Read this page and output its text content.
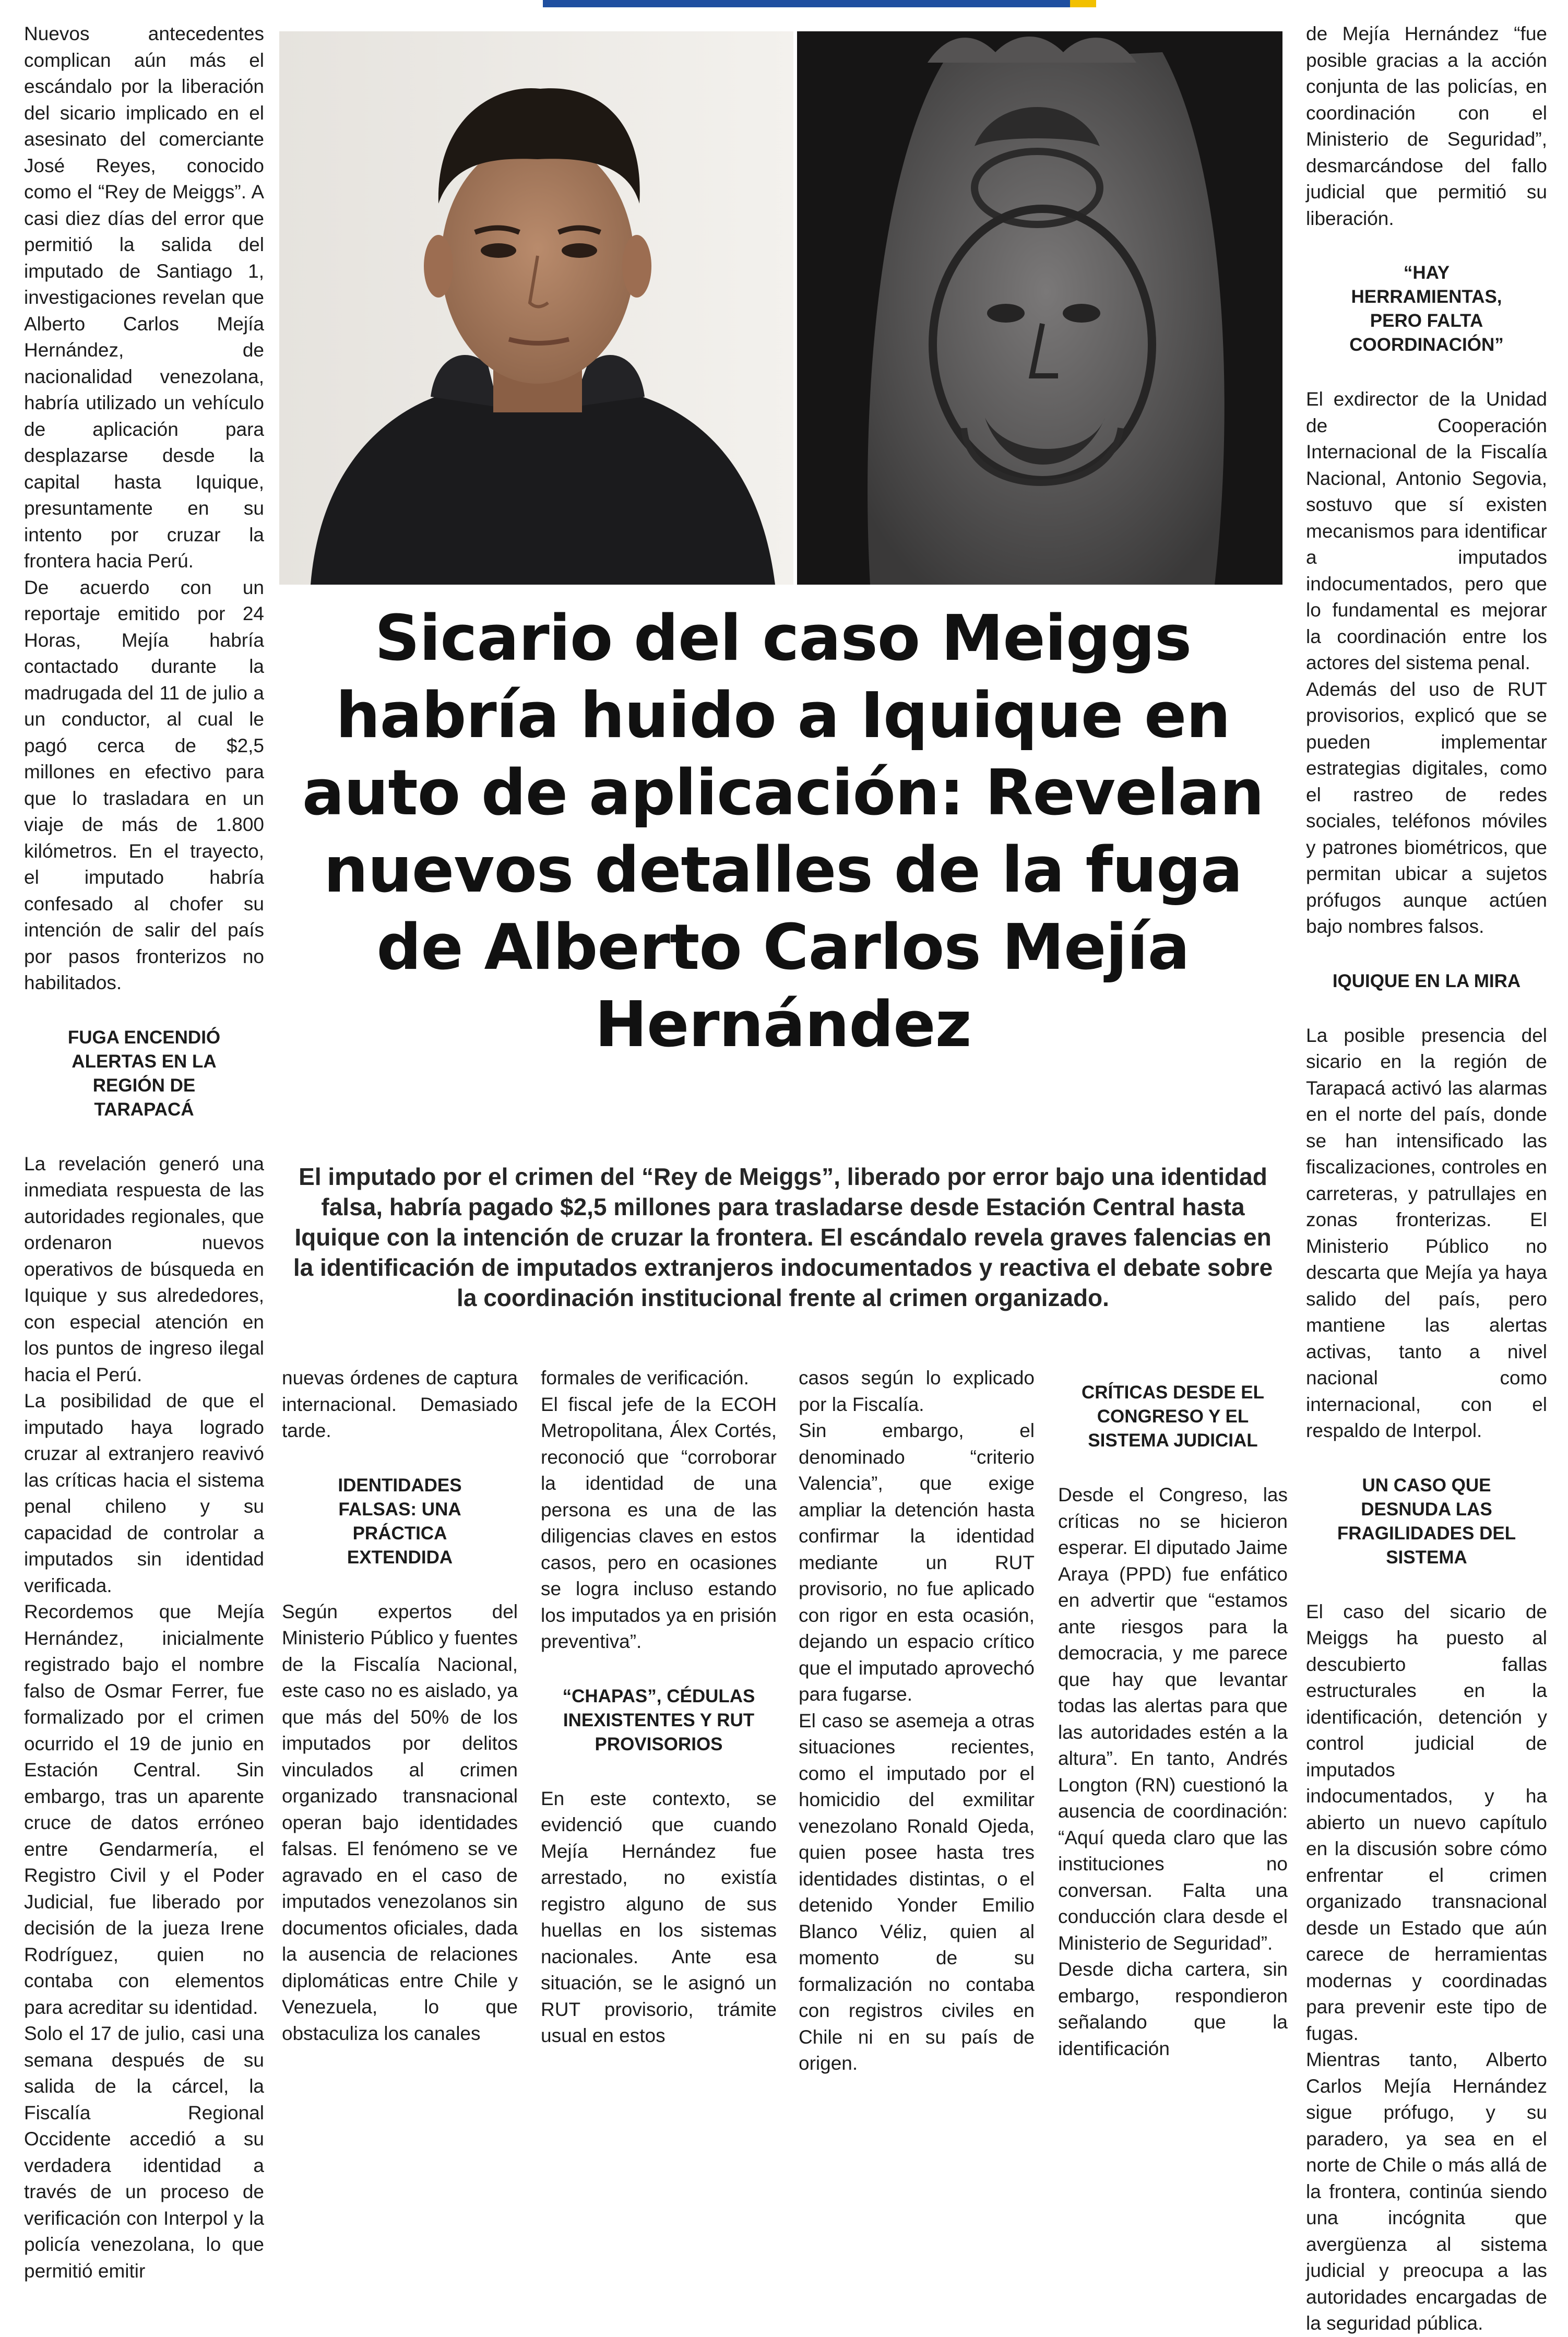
Nuevos antecedentes complican aún más el escándalo por la liberación del sicario implicado en el asesinato del comerciante José Reyes, conocido como el “Rey de Meiggs”. A casi diez días del error que permitió la salida del imputado de Santiago 1, investigaciones revelan que Alberto Carlos Mejía Hernández, de nacionalidad venezolana, habría utilizado un vehículo de aplicación para desplazarse desde la capital hasta Iquique, presuntamente en su intento por cruzar la frontera hacia Perú.

De acuerdo con un reportaje emitido por 24 Horas, Mejía habría contactado durante la madrugada del 11 de julio a un conductor, al cual le pagó cerca de $2,5 millones en efectivo para que lo trasladara en un viaje de más de 1.800 kilómetros. En el trayecto, el imputado habría confesado al chofer su intención de salir del país por pasos fronterizos no habilitados.

FUGA ENCENDIÓ ALERTAS EN LA REGIÓN DE TARAPACÁ

La revelación generó una inmediata respuesta de las autoridades regionales, que ordenaron nuevos operativos de búsqueda en Iquique y sus alrededores, con especial atención en los puntos de ingreso ilegal hacia el Perú.

La posibilidad de que el imputado haya logrado cruzar al extranjero reavivó las críticas hacia el sistema penal chileno y su capacidad de controlar a imputados sin identidad verificada.

Recordemos que Mejía Hernández, inicialmente registrado bajo el nombre falso de Osmar Ferrer, fue formalizado por el crimen ocurrido el 19 de junio en Estación Central. Sin embargo, tras un aparente cruce de datos erróneo entre Gendarmería, el Registro Civil y el Poder Judicial, fue liberado por decisión de la jueza Irene Rodríguez, quien no contaba con elementos para acreditar su identidad.

Solo el 17 de julio, casi una semana después de su salida de la cárcel, la Fiscalía Regional Occidente accedió a su verdadera identidad a través de un proceso de verificación con Interpol y la policía venezolana, lo que permitió emitir

Sicario del caso Meiggs habría huido a Iquique en auto de aplicación: Revelan nuevos detalles de la fuga de Alberto Carlos Mejía Hernández
El imputado por el crimen del “Rey de Meiggs”, liberado por error bajo una identidad falsa, habría pagado $2,5 millones para trasladarse desde Estación Central hasta Iquique con la intención de cruzar la frontera. El escándalo revela graves falencias en la identificación de imputados extranjeros indocumentados y reactiva el debate sobre la coordinación institucional frente al crimen organizado.

nuevas órdenes de captura internacional. Demasiado tarde.

IDENTIDADES FALSAS: UNA PRÁCTICA EXTENDIDA

Según expertos del Ministerio Público y fuentes de la Fiscalía Nacional, este caso no es aislado, ya que más del 50% de los imputados por delitos vinculados al crimen organizado transnacional operan bajo identidades falsas. El fenómeno se ve agravado en el caso de imputados venezolanos sin documentos oficiales, dada la ausencia de relaciones diplomáticas entre Chile y Venezuela, lo que obstaculiza los canales

formales de verificación.

El fiscal jefe de la ECOH Metropolitana, Álex Cortés, reconoció que “corroborar la identidad de una persona es una de las diligencias claves en estos casos, pero en ocasiones se logra incluso estando los imputados ya en prisión preventiva”.

“CHAPAS”, CÉDULAS INEXISTENTES Y RUT PROVISORIOS

En este contexto, se evidenció que cuando Mejía Hernández fue arrestado, no existía registro alguno de sus huellas en los sistemas nacionales. Ante esa situación, se le asignó un RUT provisorio, trámite usual en estos

casos según lo explicado por la Fiscalía.

Sin embargo, el denominado “criterio Valencia”, que exige ampliar la detención hasta confirmar la identidad mediante un RUT provisorio, no fue aplicado con rigor en esta ocasión, dejando un espacio crítico que el imputado aprovechó para fugarse.

El caso se asemeja a otras situaciones recientes, como el imputado por el homicidio del exmilitar venezolano Ronald Ojeda, quien posee hasta tres identidades distintas, o el detenido Yonder Emilio Blanco Véliz, quien al momento de su formalización no contaba con registros civiles en Chile ni en su país de origen.

CRÍTICAS DESDE EL CONGRESO Y EL SISTEMA JUDICIAL

Desde el Congreso, las críticas no se hicieron esperar. El diputado Jaime Araya (PPD) fue enfático en advertir que “estamos ante riesgos para la democracia, y me parece que hay que levantar todas las alertas para que las autoridades estén a la altura”. En tanto, Andrés Longton (RN) cuestionó la ausencia de coordinación: “Aquí queda claro que las instituciones no conversan. Falta una conducción clara desde el Ministerio de Seguridad”.

Desde dicha cartera, sin embargo, respondieron señalando que la identificación

de Mejía Hernández “fue posible gracias a la acción conjunta de las policías, en coordinación con el Ministerio de Seguridad”, desmarcándose del fallo judicial que permitió su liberación.

“HAY HERRAMIENTAS, PERO FALTA COORDINACIÓN”

El exdirector de la Unidad de Cooperación Internacional de la Fiscalía Nacional, Antonio Segovia, sostuvo que sí existen mecanismos para identificar a imputados indocumentados, pero que lo fundamental es mejorar la coordinación entre los actores del sistema penal.

Además del uso de RUT provisorios, explicó que se pueden implementar estrategias digitales, como el rastreo de redes sociales, teléfonos móviles y patrones biométricos, que permitan ubicar a sujetos prófugos aunque actúen bajo nombres falsos.

IQUIQUE EN LA MIRA

La posible presencia del sicario en la región de Tarapacá activó las alarmas en el norte del país, donde se han intensificado las fiscalizaciones, controles en carreteras, y patrullajes en zonas fronterizas. El Ministerio Público no descarta que Mejía ya haya salido del país, pero mantiene las alertas activas, tanto a nivel nacional como internacional, con el respaldo de Interpol.

UN CASO QUE DESNUDA LAS FRAGILIDADES DEL SISTEMA

El caso del sicario de Meiggs ha puesto al descubierto fallas estructurales en la identificación, detención y control judicial de imputados indocumentados, y ha abierto un nuevo capítulo en la discusión sobre cómo enfrentar el crimen organizado transnacional desde un Estado que aún carece de herramientas modernas y coordinadas para prevenir este tipo de fugas.

Mientras tanto, Alberto Carlos Mejía Hernández sigue prófugo, y su paradero, ya sea en el norte de Chile o más allá de la frontera, continúa siendo una incógnita que avergüenza al sistema judicial y preocupa a las autoridades encargadas de la seguridad pública.
